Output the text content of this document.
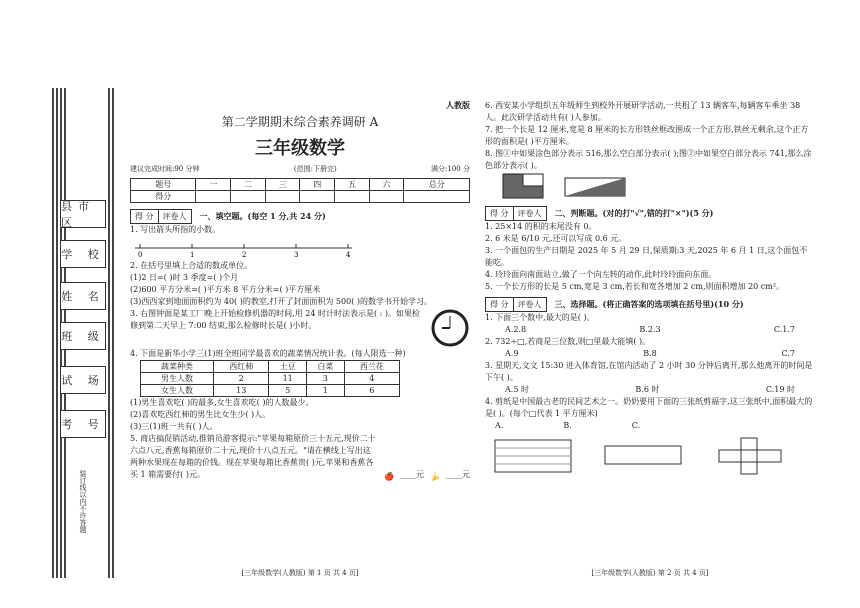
县市区
学 校
姓 名
班 级
试 场
考 号
装订线以内不许答题
人教版
第二学期期末综合素养调研 A
三年级数学
建议完成时间:90 分钟	(范围:下册完)	满分:100 分
题号	一	二	三	四	五	六	总分
得分							
得 分	评卷人	一、填空题。(每空 1 分,共 24 分)
1. 写出箭头所指的小数。
0	1	2	3	4
2. 在括号里填上合适的数或单位。
(1)2 日=( )时 3 季度=( )个月
(2)600 平方分米=( )平方米 8 平方分米=( )平方厘米
(3)西西家到地面面积约为 40( )的教室,打开了封面面积为 500( )的数学书开始学习。
3. 右图钟面是某工厂晚上开始检修机器的时间,用 24 时计时法表示是( : )。如果检修到第二天早上 7:00 结束,那么检修时长是( )小时。
4. 下面是新华小学三(1)班全班同学最喜欢的蔬菜情况统计表。(每人限选一种)
蔬菜种类	西红柿	土豆	白菜	西兰花
男生人数	2	11	3	4
女生人数	13	5	1	6
(1)男生喜欢吃( )的最多,女生喜欢吃( )的人数最少。
(2)喜欢吃西红柿的男生比女生少( )人。
(3)三(1)班一共有( )人。
5. 商店搞促销活动,推销员游客提示:"苹果每箱原价三十五元,现价二十六点八元,香蕉每箱原价二十元,现价十八点五元。"请在横线上写出这两种水果现在每箱的价钱。现在苹果每箱比香蕉贵( )元,苹果和香蕉各买 1 箱需要付( )元。	🍎 ____元 🍌 ____元
[三年级数学(人教版) 第 1 页 共 4 页]
6. 西安某小学组织五年级师生到校外开展研学活动,一共租了 13 辆客车,每辆客车乘坐 38 人。此次研学活动共有( )人参加。
7. 把一个长是 12 厘米,宽是 8 厘米的长方形铁丝框改围成一个正方形,铁丝无剩余,这个正方形的面积是( )平方厘米。
8. 图①中如果涂色部分表示 516,那么空白部分表示( );图②中如果空白部分表示 741,那么涂色部分表示( )。
得 分	评卷人	二、判断题。(对的打"√",错的打"×")(5 分)
1. 25×14 的积的末尾没有 0。
2. 6 米是 6/10 元,还可以写成 0.6 元。
3. 一个面包的生产日期是 2025 年 5 月 29 日,保质期:3 天,2025 年 6 月 1 日,这个面包不能吃。
4. 玲玲面向南面站立,做了一个向左转的动作,此时玲玲面向东面。
5. 一个长方形的长是 5 cm,宽是 3 cm,若长和宽各增加 2 cm,则面积增加 20 cm²。
得 分	评卷人	三、选择题。(将正确答案的选项填在括号里)(10 分)
1. 下面三个数中,最大的是( )。
A.2.8	B.2.3	C.1.7
2. 732÷□,若商是三位数,则□里最大能填( )。
A.9	B.8	C.7
3. 星期天,文文 15:30 进入体育馆,在馆内活动了 2 小时 30 分钟后离开,那么他离开的时间是下午( )。
A.5 时	B.6 时	C.19 时
4. 剪纸是中国最古老的民间艺术之一。奶奶要用下面的三张纸剪福字,这三张纸中,面积最大的是( )。(每个□代表 1 平方厘米)
A.	B.	C.
[三年级数学(人教版) 第 2 页 共 4 页]
